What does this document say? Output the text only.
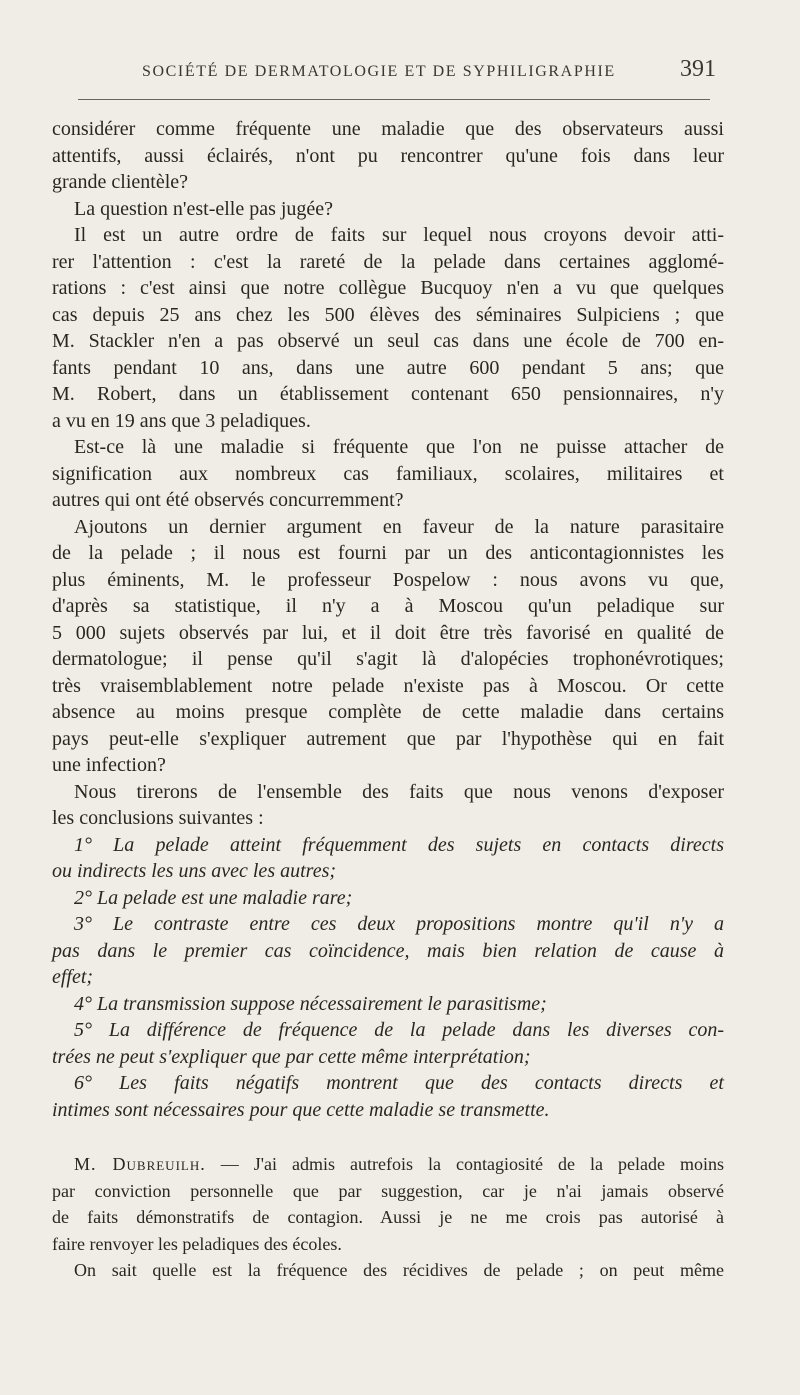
SOCIÉTÉ DE DERMATOLOGIE ET DE SYPHILIGRAPHIE	391
considérer comme fréquente une maladie que des observateurs aussi
attentifs, aussi éclairés, n'ont pu rencontrer qu'une fois dans leur
grande clientèle?
La question n'est-elle pas jugée?
Il est un autre ordre de faits sur lequel nous croyons devoir atti-
rer l'attention : c'est la rareté de la pelade dans certaines agglomé-
rations : c'est ainsi que notre collègue Bucquoy n'en a vu que quelques
cas depuis 25 ans chez les 500 élèves des séminaires Sulpiciens ; que
M. Stackler n'en a pas observé un seul cas dans une école de 700 en-
fants pendant 10 ans, dans une autre 600 pendant 5 ans; que
M. Robert, dans un établissement contenant 650 pensionnaires, n'y
a vu en 19 ans que 3 peladiques.
Est-ce là une maladie si fréquente que l'on ne puisse attacher de
signification aux nombreux cas familiaux, scolaires, militaires et
autres qui ont été observés concurremment?
Ajoutons un dernier argument en faveur de la nature parasitaire
de la pelade ; il nous est fourni par un des anticontagionnistes les
plus éminents, M. le professeur Pospelow : nous avons vu que,
d'après sa statistique, il n'y a à Moscou qu'un peladique sur
5 000 sujets observés par lui, et il doit être très favorisé en qualité de
dermatologue; il pense qu'il s'agit là d'alopécies trophonévrotiques;
très vraisemblablement notre pelade n'existe pas à Moscou. Or cette
absence au moins presque complète de cette maladie dans certains
pays peut-elle s'expliquer autrement que par l'hypothèse qui en fait
une infection?
Nous tirerons de l'ensemble des faits que nous venons d'exposer
les conclusions suivantes :
1° La pelade atteint fréquemment des sujets en contacts directs
ou indirects les uns avec les autres;
2° La pelade est une maladie rare;
3° Le contraste entre ces deux propositions montre qu'il n'y a
pas dans le premier cas coïncidence, mais bien relation de cause à
effet;
4° La transmission suppose nécessairement le parasitisme;
5° La différence de fréquence de la pelade dans les diverses con-
trées ne peut s'expliquer que par cette même interprétation;
6° Les faits négatifs montrent que des contacts directs et
intimes sont nécessaires pour que cette maladie se transmette.
M. Dubreuilh. — J'ai admis autrefois la contagiosité de la pelade moins
par conviction personnelle que par suggestion, car je n'ai jamais observé
de faits démonstratifs de contagion. Aussi je ne me crois pas autorisé à
faire renvoyer les peladiques des écoles.
On sait quelle est la fréquence des récidives de pelade ; on peut même
